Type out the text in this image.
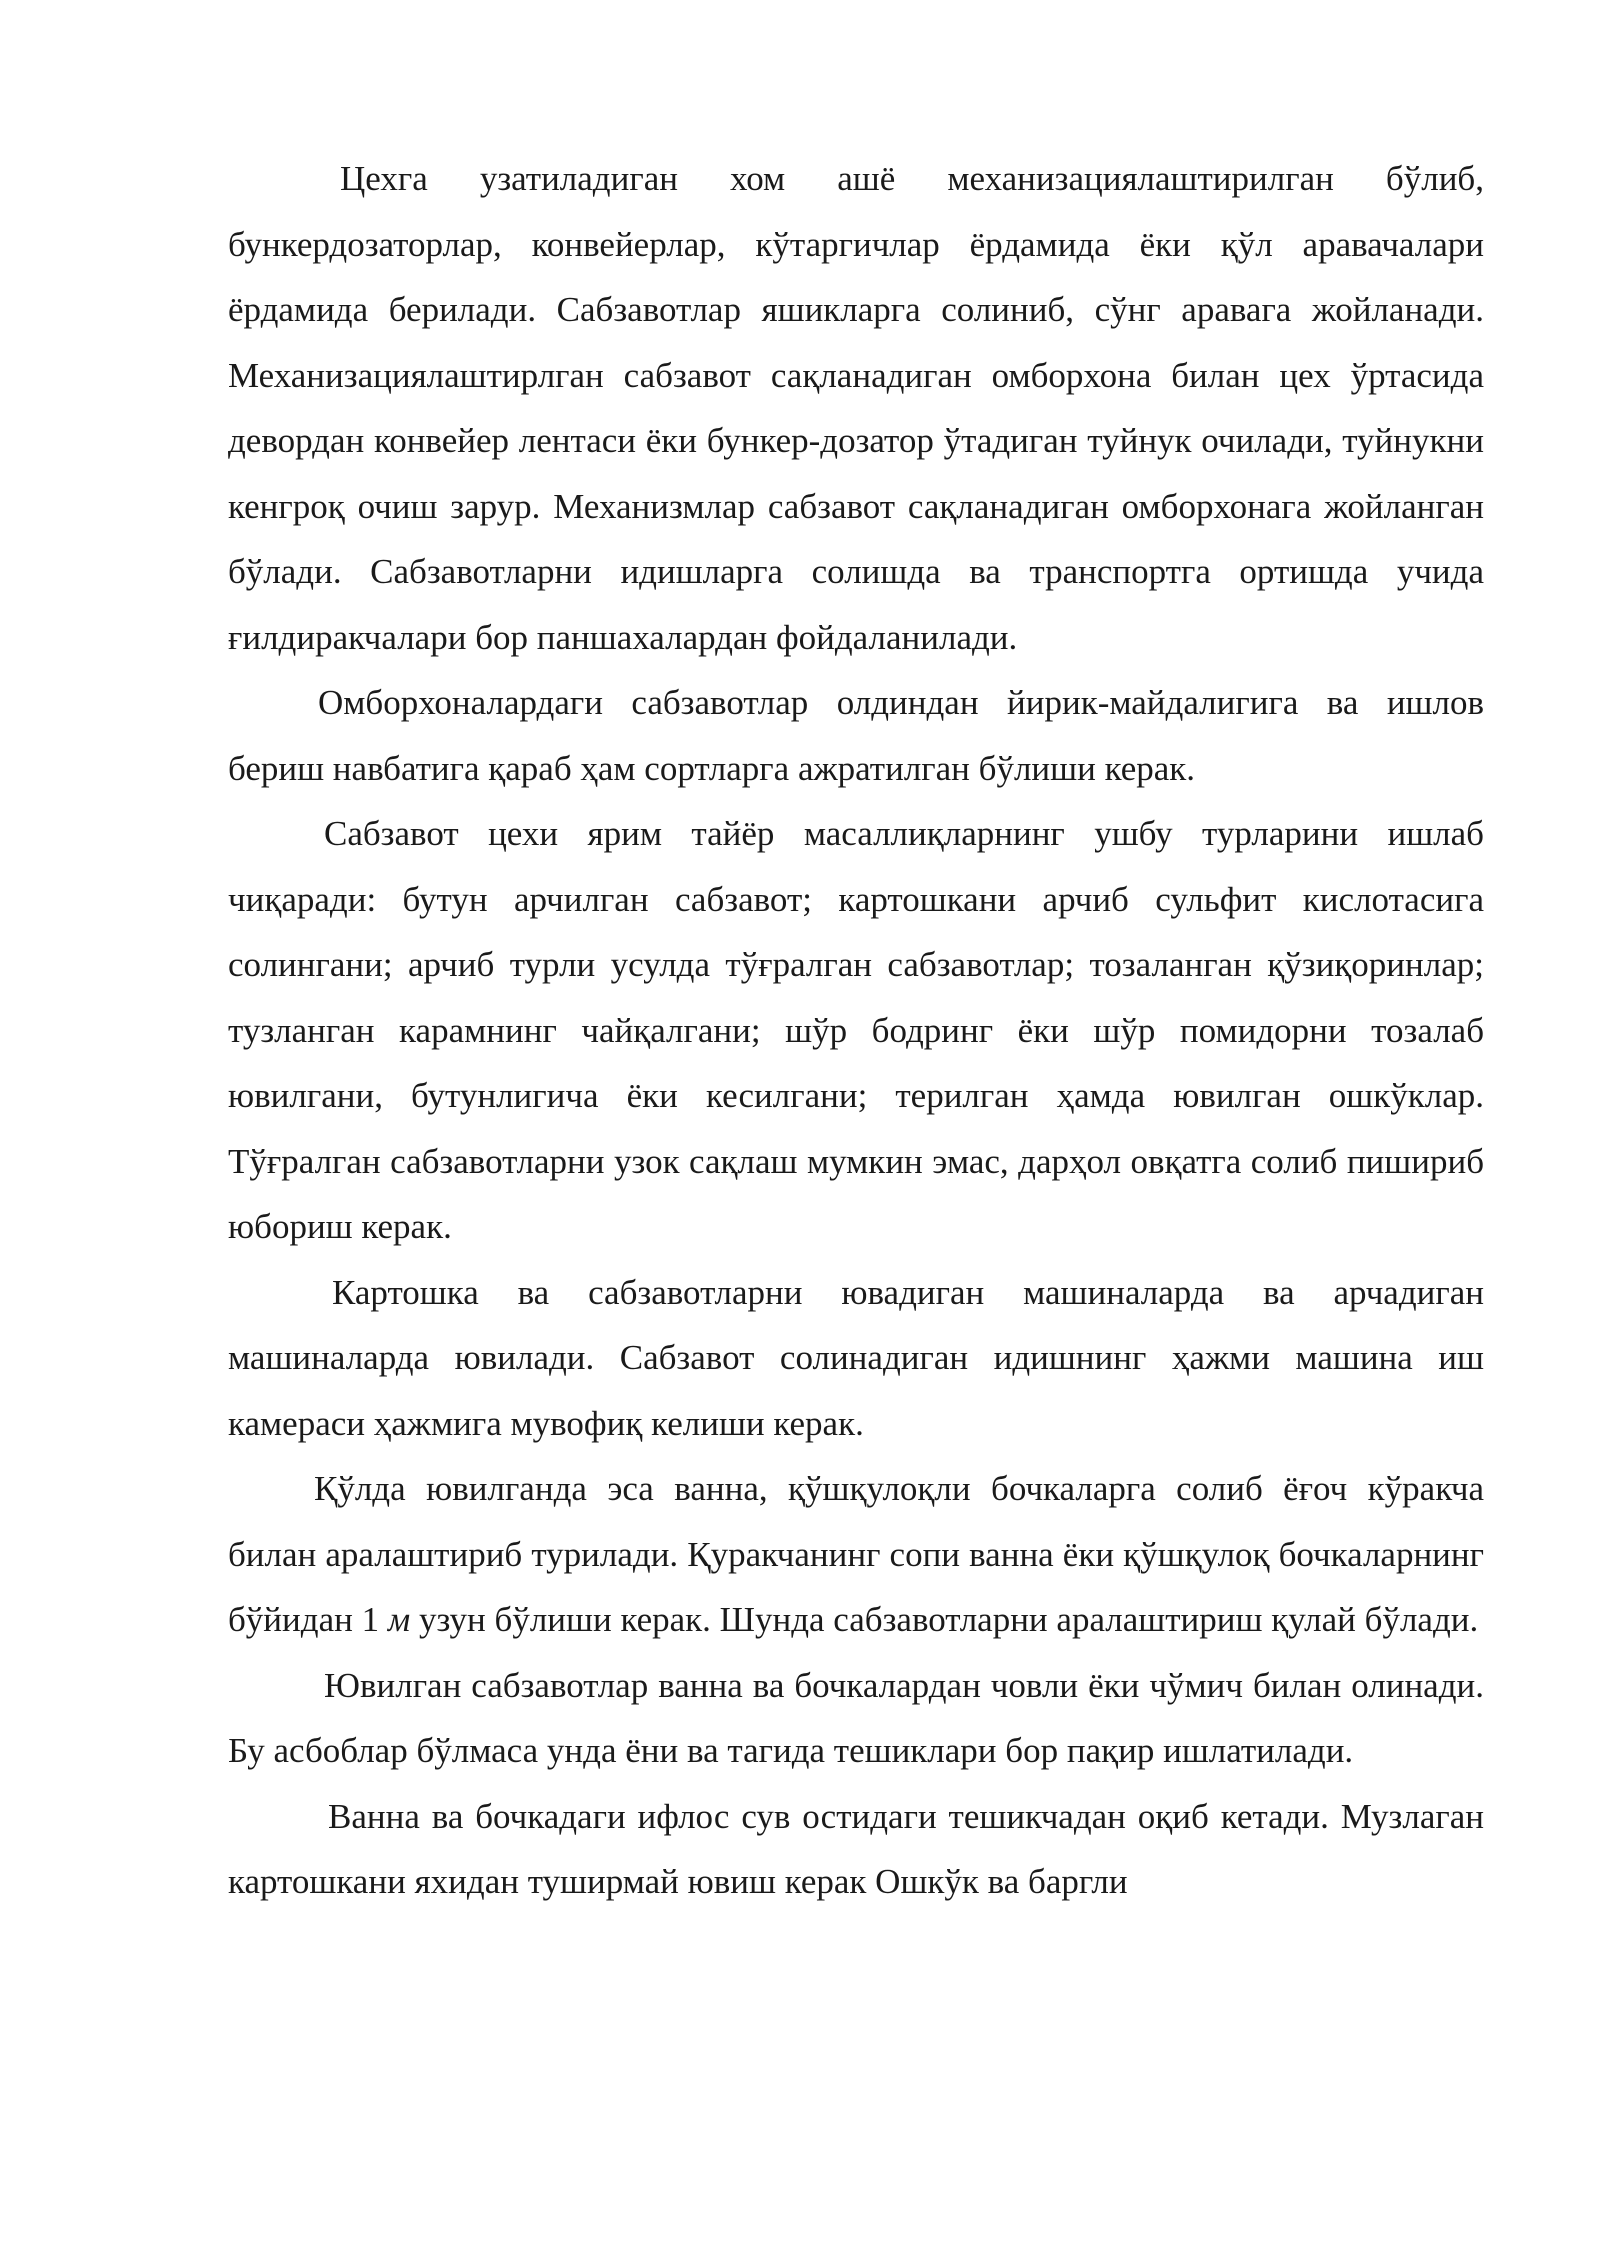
Цехга узатиладиган хом ашё механизациялаштирилган бўлиб, бункердозаторлар, конвейерлар, кўтаргичлар ёрдамида ёки қўл аравачалари ёрдамида берилади. Сабзавотлар яшикларга солиниб, сўнг аравага жойланади. Механизациялаштирлган сабзавот сақланадиган омборхона билан цех ўртасида девордан конвейер лентаси ёки бункер-дозатор ўтадиган туйнук очилади, туйнукни кенгроқ очиш зарур. Механизмлар сабзавот сақланадиган омборхонага жойланган бўлади. Сабзавотларни идишларга солишда ва транспортга ортишда учида ғилдиракчалари бор паншахалардан фойдаланилади.

Омборхоналардаги сабзавотлар олдиндан йирик-майдалигига ва ишлов бериш навбатига қараб ҳам сортларга ажратилган бўлиши керак.

Сабзавот цехи ярим тайёр масаллиқларнинг ушбу турларини ишлаб чиқаради: бутун арчилган сабзавот; картошкани арчиб сульфит кислотасига солингани; арчиб турли усулда тўғралган сабзавотлар; тозаланган қўзиқоринлар; тузланган карамнинг чайқалгани; шўр бодринг ёки шўр помидорни тозалаб ювилгани, бутунлигича ёки кесилгани; терилган ҳамда ювилган ошкўклар. Тўғралган сабзавотларни узок сақлаш мумкин эмас, дарҳол овқатга солиб пишириб юбориш керак.

Картошка ва сабзавотларни ювадиган машиналарда ва арчадиган машиналарда ювилади. Сабзавот солинадиган идишнинг ҳажми машина иш камераси ҳажмига мувофиқ келиши керак.

Қўлда ювилганда эса ванна, қўшқулоқли бочкаларга солиб ёғоч кўракча билан аралаштириб турилади. Қуракчанинг сопи ванна ёки қўшқулоқ бочкаларнинг бўйидан 1 м узун бўлиши керак. Шунда сабзавотларни аралаштириш қулай бўлади.

Ювилган сабзавотлар ванна ва бочкалардан човли ёки чўмич билан олинади. Бу асбоблар бўлмаса унда ёни ва тагида тешиклари бор пақир ишлатилади.

Ванна ва бочкадаги ифлос сув остидаги тешикчадан оқиб кетади. Музлаган картошкани яхидан туширмай ювиш керак Ошкўк ва баргли
